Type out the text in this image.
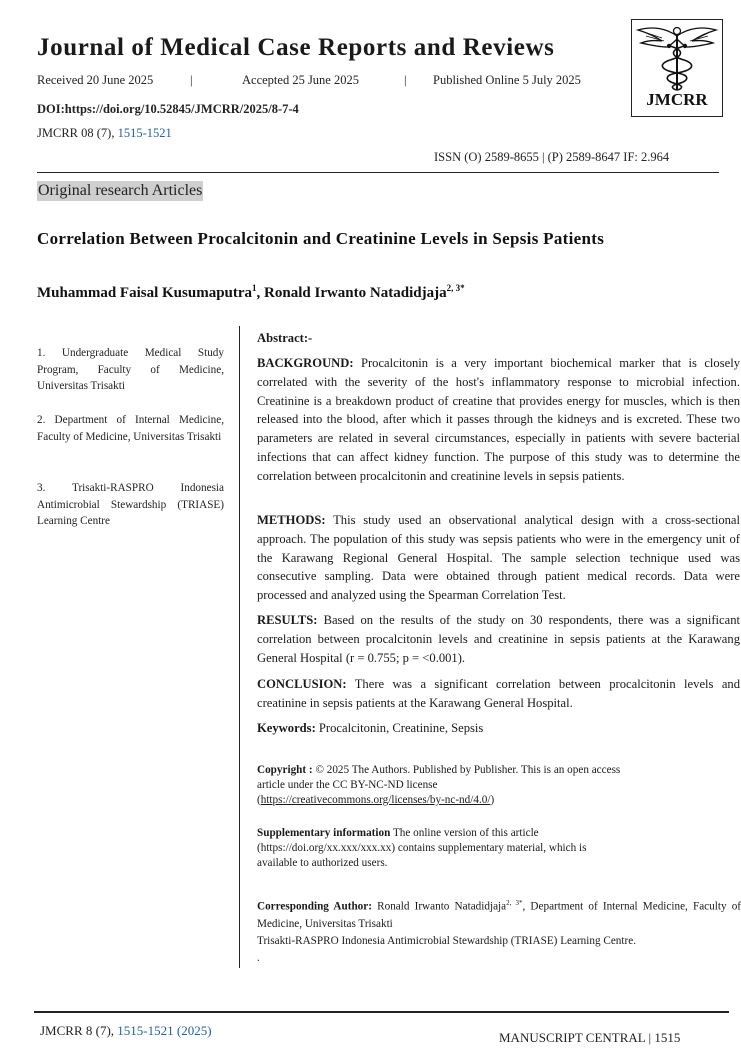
Journal of Medical Case Reports and Reviews
Received 20 June 2025	|	Accepted 25 June 2025	| Published Online 5 July 2025
DOI:https://doi.org/10.52845/JMCRR/2025/8-7-4
JMCRR 08 (7), 1515-1521
ISSN (O) 2589-8655 | (P) 2589-8647 IF: 2.964
JMCRR
Original research Articles
Correlation Between Procalcitonin and Creatinine Levels in Sepsis Patients
Muhammad Faisal Kusumaputra$^1$, Ronald Irwanto Natadidjaja$^{2, 3*}$
1. Undergraduate Medical Study Program, Faculty of Medicine, Universitas Trisakti
2. Department of Internal Medicine, Faculty of Medicine, Universitas Trisakti
3. Trisakti-RASPRO Indonesia Antimicrobial Stewardship (TRIASE) Learning Centre
Abstract:-
BACKGROUND: Procalcitonin is a very important biochemical marker that is closely correlated with the severity of the host's inflammatory response to microbial infection. Creatinine is a breakdown product of creatine that provides energy for muscles, which is then released into the blood, after which it passes through the kidneys and is excreted. These two parameters are related in several circumstances, especially in patients with severe bacterial infections that can affect kidney function. The purpose of this study was to determine the correlation between procalcitonin and creatinine levels in sepsis patients.
METHODS: This study used an observational analytical design with a cross-sectional approach. The population of this study was sepsis patients who were in the emergency unit of the Karawang Regional General Hospital. The sample selection technique used was consecutive sampling. Data were obtained through patient medical records. Data were processed and analyzed using the Spearman Correlation Test.
RESULTS: Based on the results of the study on 30 respondents, there was a significant correlation between procalcitonin levels and creatinine in sepsis patients at the Karawang General Hospital (r = 0.755; p = <0.001).
CONCLUSION: There was a significant correlation between procalcitonin levels and creatinine in sepsis patients at the Karawang General Hospital.
Keywords: Procalcitonin, Creatinine, Sepsis
Copyright : © 2025 The Authors. Published by Publisher. This is an open access
article under the CC BY-NC-ND license
(https://creativecommons.org/licenses/by-nc-nd/4.0/)
Supplementary information The online version of this article
(https://doi.org/xx.xxx/xxx.xx) contains supplementary material, which is
available to authorized users.
Corresponding Author: Ronald Irwanto Natadidjaja$^{2, 3*}$, Department of Internal Medicine, Faculty of Medicine, Universitas Trisakti
Trisakti-RASPRO Indonesia Antimicrobial Stewardship (TRIASE) Learning Centre.
.
JMCRR 8 (7), 1515-1521 (2025)	MANUSCRIPT CENTRAL | 1515
